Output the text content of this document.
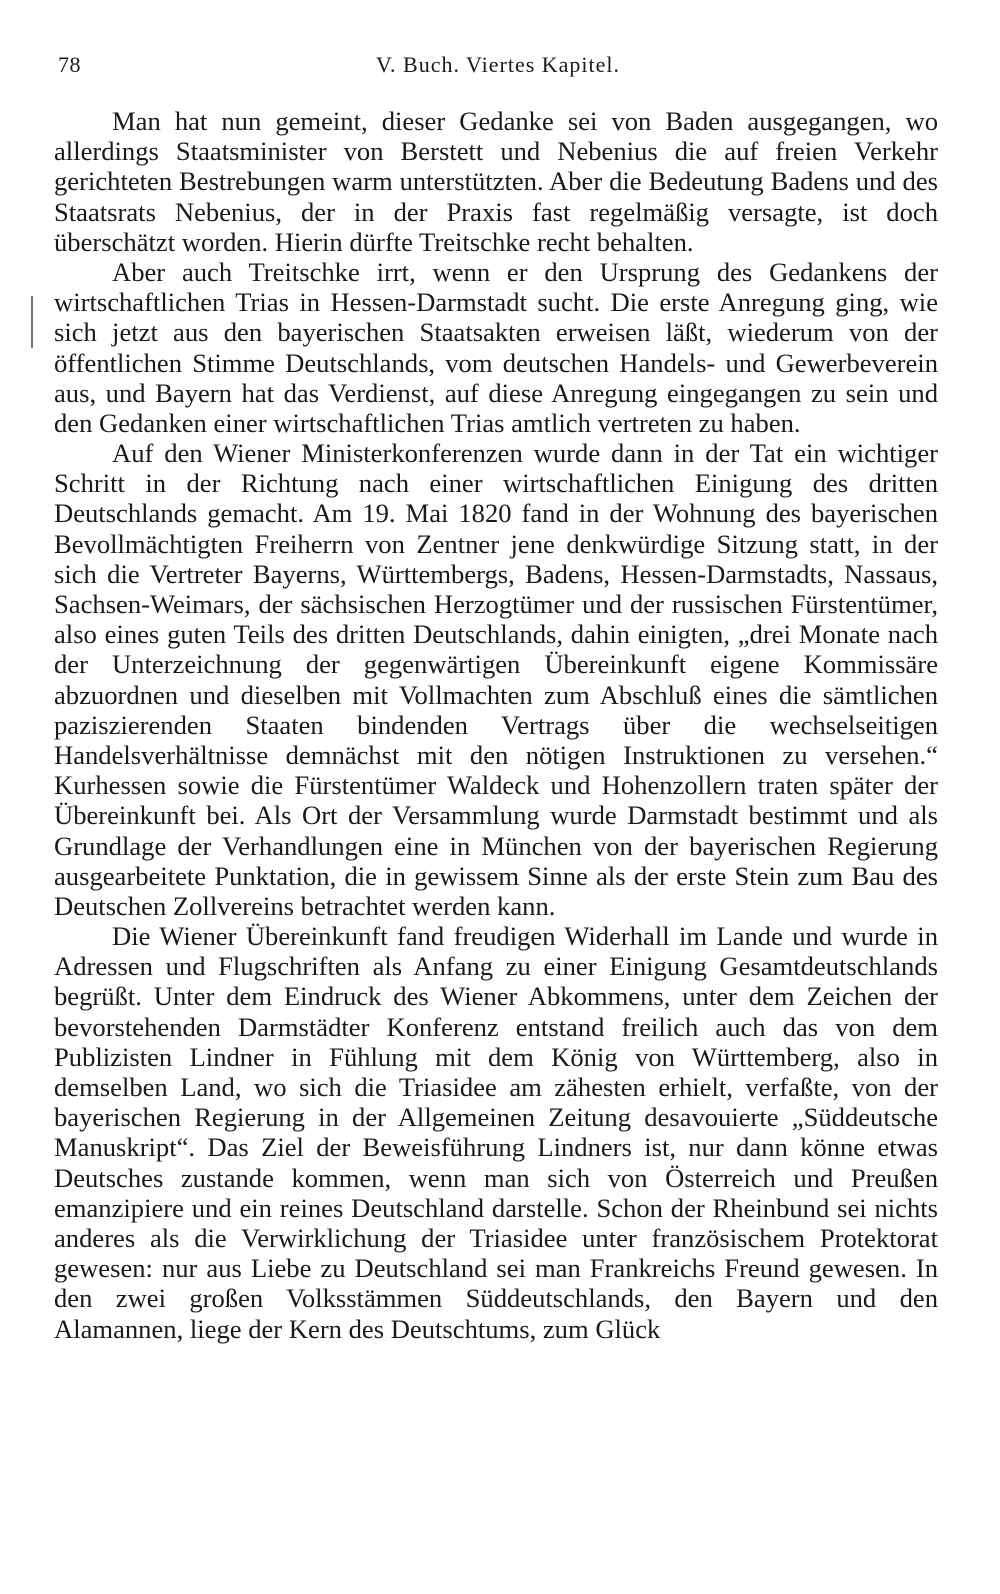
78	V. Buch. Viertes Kapitel.

Man hat nun gemeint, dieser Gedanke sei von Baden ausgegangen, wo allerdings Staatsminister von Berstett und Nebenius die auf freien Verkehr gerichteten Bestrebungen warm unterstützten. Aber die Bedeutung Badens und des Staatsrats Nebenius, der in der Praxis fast regelmäßig versagte, ist doch überschätzt worden. Hierin dürfte Treitschke recht behalten.

Aber auch Treitschke irrt, wenn er den Ursprung des Gedankens der wirtschaftlichen Trias in Hessen-Darmstadt sucht. Die erste Anregung ging, wie sich jetzt aus den bayerischen Staatsakten erweisen läßt, wiederum von der öffentlichen Stimme Deutschlands, vom deutschen Handels- und Gewerbeverein aus, und Bayern hat das Verdienst, auf diese Anregung eingegangen zu sein und den Gedanken einer wirtschaftlichen Trias amtlich vertreten zu haben.

Auf den Wiener Ministerkonferenzen wurde dann in der Tat ein wichtiger Schritt in der Richtung nach einer wirtschaftlichen Einigung des dritten Deutschlands gemacht. Am 19. Mai 1820 fand in der Wohnung des bayerischen Bevollmächtigten Freiherrn von Zentner jene denkwürdige Sitzung statt, in der sich die Vertreter Bayerns, Württembergs, Badens, Hessen-Darmstadts, Nassaus, Sachsen-Weimars, der sächsischen Herzogtümer und der russischen Fürstentümer, also eines guten Teils des dritten Deutschlands, dahin einigten, „drei Monate nach der Unterzeichnung der gegenwärtigen Übereinkunft eigene Kommissäre abzuordnen und dieselben mit Vollmachten zum Abschluß eines die sämtlichen paziszierenden Staaten bindenden Vertrags über die wechselseitigen Handelsverhältnisse demnächst mit den nötigen Instruktionen zu versehen.“ Kurhessen sowie die Fürstentümer Waldeck und Hohenzollern traten später der Übereinkunft bei. Als Ort der Versammlung wurde Darmstadt bestimmt und als Grundlage der Verhandlungen eine in München von der bayerischen Regierung ausgearbeitete Punktation, die in gewissem Sinne als der erste Stein zum Bau des Deutschen Zollvereins betrachtet werden kann.

Die Wiener Übereinkunft fand freudigen Widerhall im Lande und wurde in Adressen und Flugschriften als Anfang zu einer Einigung Gesamtdeutschlands begrüßt. Unter dem Eindruck des Wiener Abkommens, unter dem Zeichen der bevorstehenden Darmstädter Konferenz entstand freilich auch das von dem Publizisten Lindner in Fühlung mit dem König von Württemberg, also in demselben Land, wo sich die Triasidee am zähesten erhielt, verfaßte, von der bayerischen Regierung in der Allgemeinen Zeitung desavouierte „Süddeutsche Manuskript“. Das Ziel der Beweisführung Lindners ist, nur dann könne etwas Deutsches zustande kommen, wenn man sich von Österreich und Preußen emanzipiere und ein reines Deutschland darstelle. Schon der Rheinbund sei nichts anderes als die Verwirklichung der Triasidee unter französischem Protektorat gewesen: nur aus Liebe zu Deutschland sei man Frankreichs Freund gewesen. In den zwei großen Volksstämmen Süddeutschlands, den Bayern und den Alamannen, liege der Kern des Deutschtums, zum Glück
